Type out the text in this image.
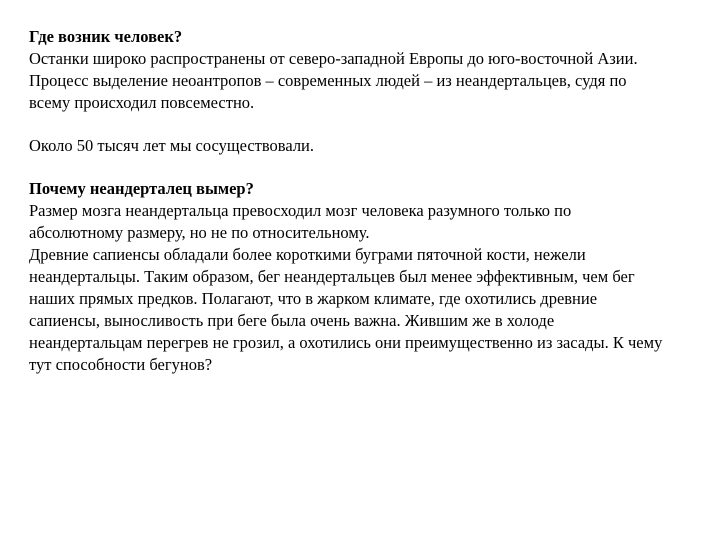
Где возник человек?

Останки широко распространены от северо-западной Европы до юго-восточной Азии. Процесс выделение неоантропов – современных людей – из неандертальцев, судя по всему происходил повсеместно.

Около 50 тысяч лет мы сосуществовали.

Почему неандерталец вымер?

Размер мозга неандертальца превосходил мозг человека разумного только по абсолютному размеру, но не по относительному.

Древние сапиенсы обладали более короткими буграми пяточной кости, нежели неандертальцы. Таким образом, бег неандертальцев был менее эффективным, чем бег наших прямых предков. Полагают, что в жарком климате, где охотились древние сапиенсы, выносливость при беге была очень важна. Жившим же в холоде неандертальцам перегрев не грозил, а охотились они преимущественно из засады. К чему тут способности бегунов?
